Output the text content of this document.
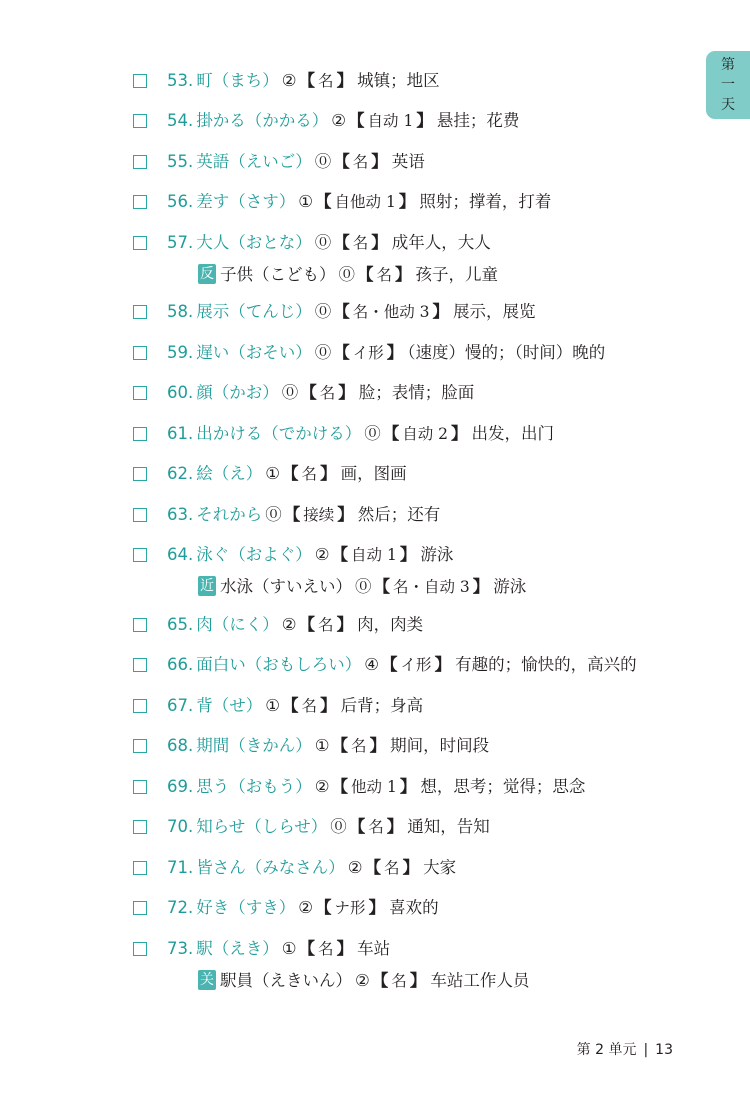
第
一
天
53. 町（まち） ② 【 名 】 城镇；地区
54. 掛かる（かかる） ② 【 自动 1 】 悬挂；花费
55. 英語（えいご） ⓪ 【 名 】 英语
56. 差す（さす） ① 【 自他动 1 】 照射；撑着，打着
57. 大人（おとな） ⓪ 【 名 】 成年人，大人
反 子供（こども） ⓪ 【 名 】 孩子，儿童
58. 展示（てんじ） ⓪ 【 名・他动 3 】 展示，展览
59. 遅い（おそい） ⓪ 【 イ形 】 （速度）慢的；（时间）晚的
60. 顔（かお） ⓪ 【 名 】 脸；表情；脸面
61. 出かける（でかける） ⓪ 【 自动 2 】 出发，出门
62. 絵（え） ① 【 名 】 画，图画
63. それから ⓪ 【 接续 】 然后；还有
64. 泳ぐ（およぐ） ② 【 自动 1 】 游泳
近 水泳（すいえい） ⓪ 【 名・自动 3 】 游泳
65. 肉（にく） ② 【 名 】 肉，肉类
66. 面白い（おもしろい） ④ 【 イ形 】 有趣的；愉快的，高兴的
67. 背（せ） ① 【 名 】 后背；身高
68. 期間（きかん） ① 【 名 】 期间，时间段
69. 思う（おもう） ② 【 他动 1 】 想，思考；觉得；思念
70. 知らせ（しらせ） ⓪ 【 名 】 通知，告知
71. 皆さん（みなさん） ② 【 名 】 大家
72. 好き（すき） ② 【 ナ形 】 喜欢的
73. 駅（えき） ① 【 名 】 车站
关 駅員（えきいん） ② 【 名 】 车站工作人员
第 2 单元 | 13
